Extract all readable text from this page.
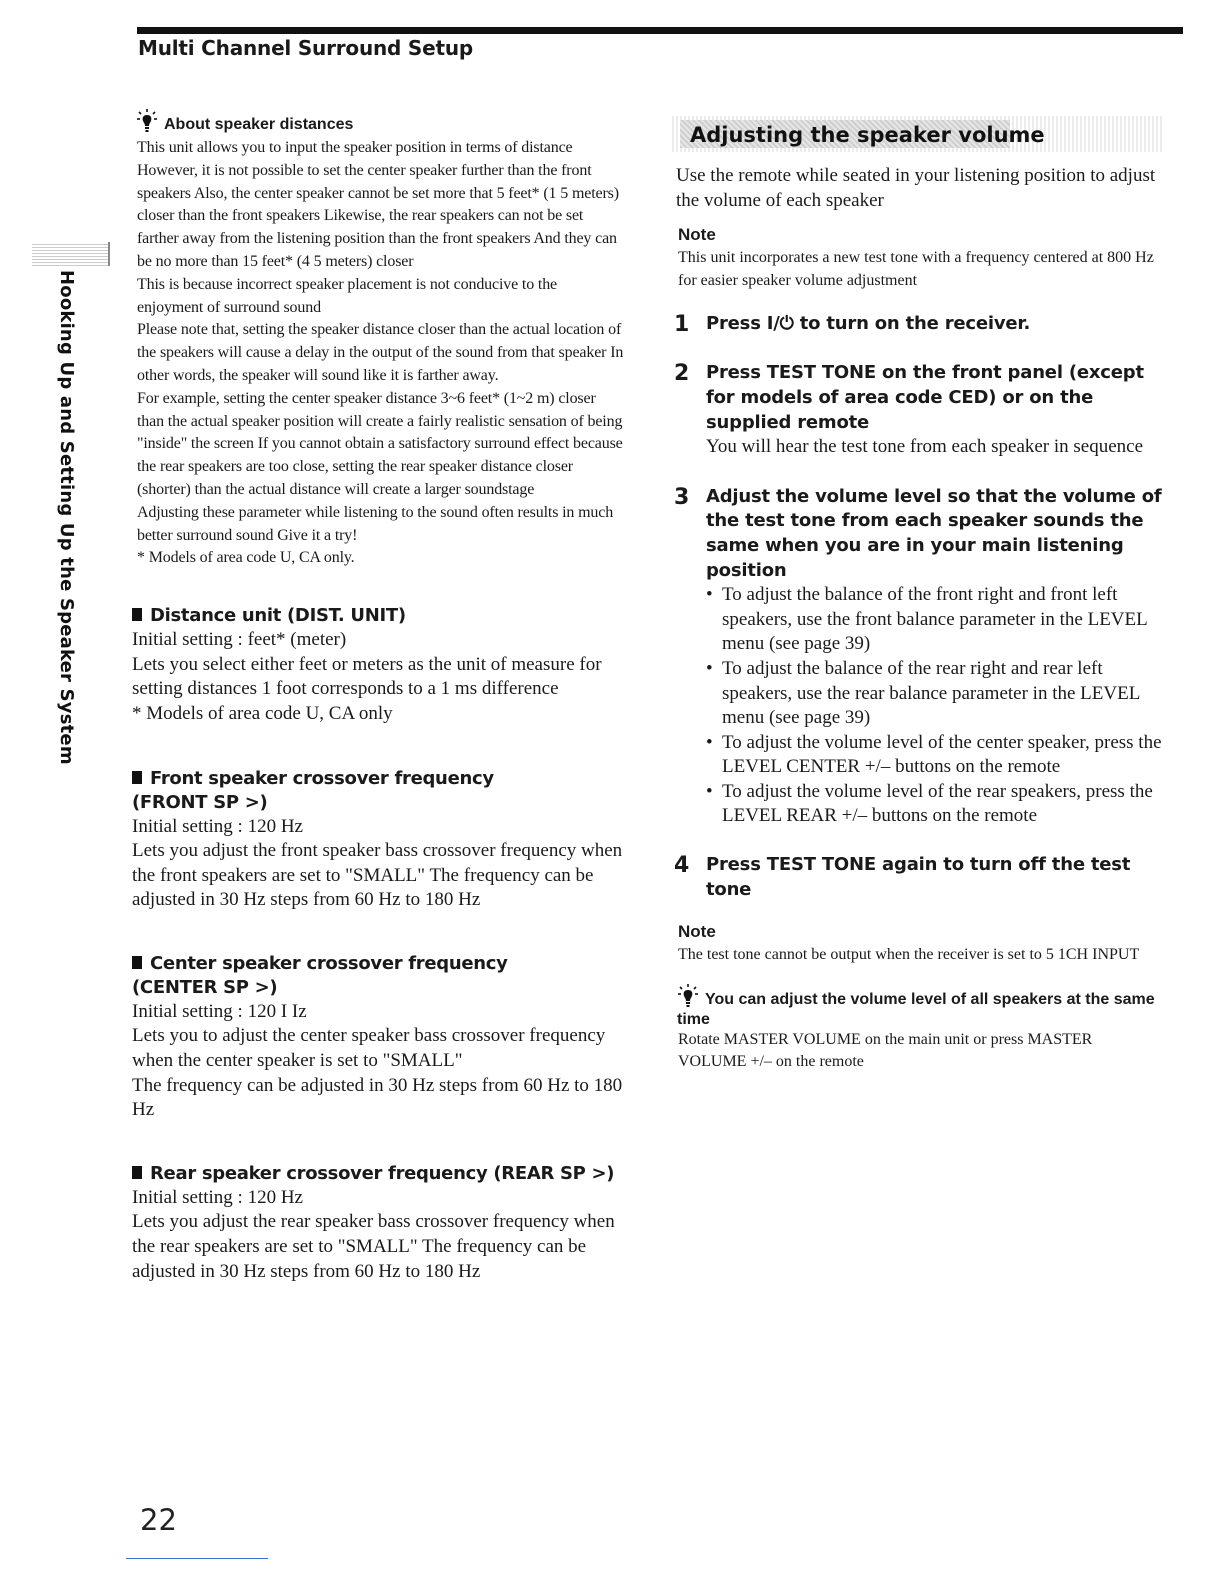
Multi Channel Surround Setup
Hooking Up and Setting Up the Speaker System
About speaker distances

This unit allows you to input the speaker position in terms of distance However, it is not possible to set the center speaker further than the front speakers Also, the center speaker cannot be set more that 5 feet* (1 5 meters) closer than the front speakers Likewise, the rear speakers can not be set farther away from the listening position than the front speakers And they can be no more than 15 feet* (4 5 meters) closer

This is because incorrect speaker placement is not conducive to the enjoyment of surround sound

Please note that, setting the speaker distance closer than the actual location of the speakers will cause a delay in the output of the sound from that speaker In other words, the speaker will sound like it is farther away.

For example, setting the center speaker distance 3~6 feet* (1~2 m) closer than the actual speaker position will create a fairly realistic sensation of being "inside" the screen If you cannot obtain a satisfactory surround effect because the rear speakers are too close, setting the rear speaker distance closer (shorter) than the actual distance will create a larger soundstage

Adjusting these parameter while listening to the sound often results in much better surround sound Give it a try!

* Models of area code U, CA only.

Distance unit (DIST. UNIT)

Initial setting : feet* (meter)

Lets you select either feet or meters as the unit of measure for setting distances 1 foot corresponds to a 1 ms difference

* Models of area code U, CA only

Front speaker crossover frequency
(FRONT SP >)

Initial setting : 120 Hz

Lets you adjust the front speaker bass crossover frequency when the front speakers are set to "SMALL" The frequency can be adjusted in 30 Hz steps from 60 Hz to 180 Hz

Center speaker crossover frequency
(CENTER SP >)

Initial setting : 120 I Iz

Lets you to adjust the center speaker bass crossover frequency when the center speaker is set to "SMALL"

The frequency can be adjusted in 30 Hz steps from 60 Hz to 180 Hz

Rear speaker crossover frequency (REAR SP >)

Initial setting : 120 Hz

Lets you adjust the rear speaker bass crossover frequency when the rear speakers are set to "SMALL" The frequency can be adjusted in 30 Hz steps from 60 Hz to 180 Hz

Adjusting the speaker volume

Use the remote while seated in your listening position to adjust the volume of each speaker

Note

This unit incorporates a new test tone with a frequency centered at 800 Hz for easier speaker volume adjustment

1 Press I/⏻ to turn on the receiver.
2 Press TEST TONE on the front panel (except for models of area code CED) or on the supplied remote
You will hear the test tone from each speaker in sequence
3 Adjust the volume level so that the volume of the test tone from each speaker sounds the same when you are in your main listening position
• To adjust the balance of the front right and front left speakers, use the front balance parameter in the LEVEL menu (see page 39)
• To adjust the balance of the rear right and rear left speakers, use the rear balance parameter in the LEVEL menu (see page 39)
• To adjust the volume level of the center speaker, press the LEVEL CENTER +/– buttons on the remote
• To adjust the volume level of the rear speakers, press the LEVEL REAR +/– buttons on the remote
4 Press TEST TONE again to turn off the test tone
Note

The test tone cannot be output when the receiver is set to 5 1CH INPUT

You can adjust the volume level of all speakers at the same
time

Rotate MASTER VOLUME on the main unit or press MASTER VOLUME +/– on the remote

22
